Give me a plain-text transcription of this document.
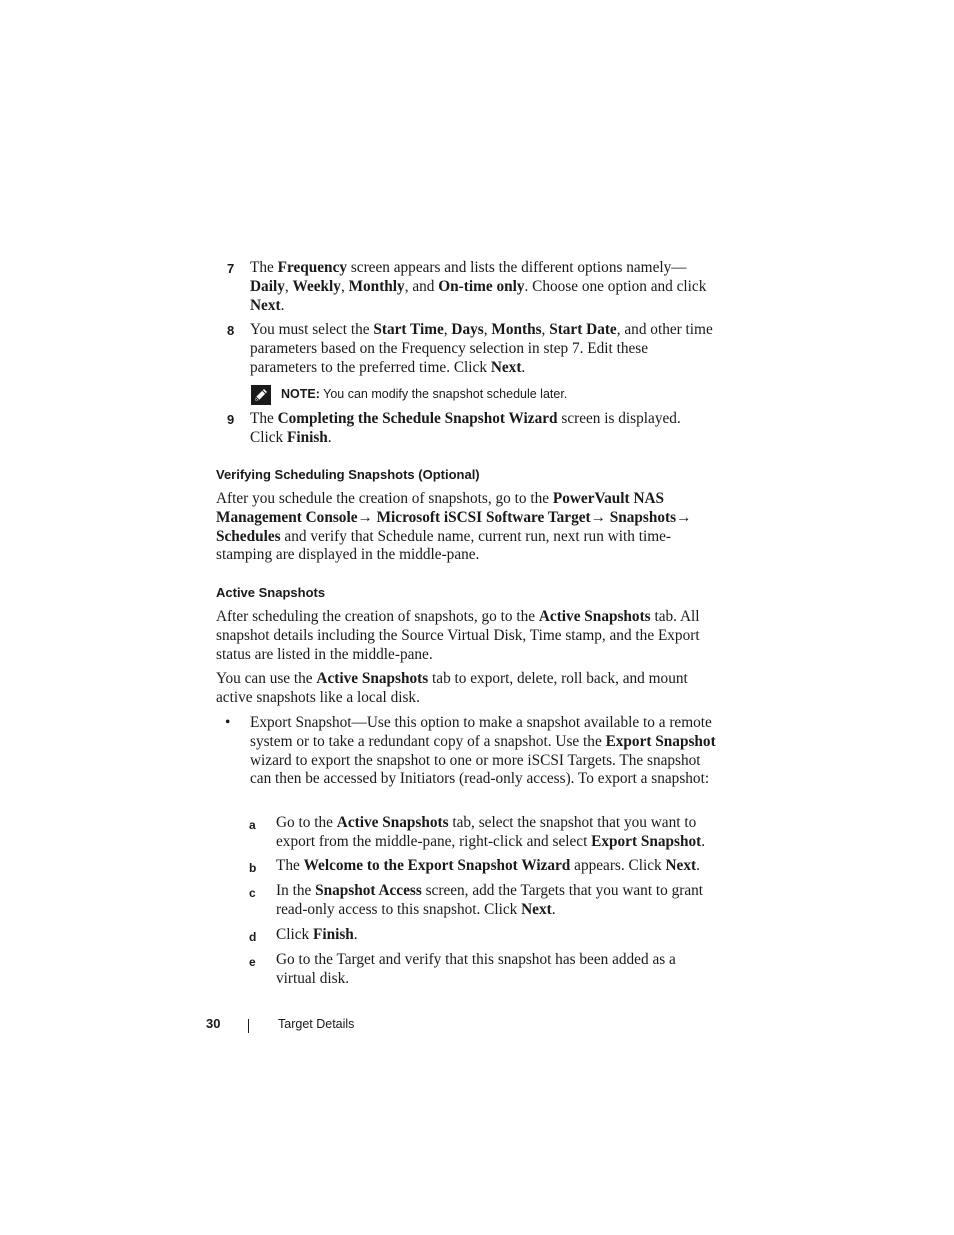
7 The Frequency screen appears and lists the different options namely—Daily, Weekly, Monthly, and On-time only. Choose one option and click Next.
8 You must select the Start Time, Days, Months, Start Date, and other time parameters based on the Frequency selection in step 7. Edit these parameters to the preferred time. Click Next.
NOTE: You can modify the snapshot schedule later.
9 The Completing the Schedule Snapshot Wizard screen is displayed. Click Finish.
Verifying Scheduling Snapshots (Optional)
After you schedule the creation of snapshots, go to the PowerVault NAS Management Console→ Microsoft iSCSI Software Target→ Snapshots→ Schedules and verify that Schedule name, current run, next run with time-stamping are displayed in the middle-pane.
Active Snapshots
After scheduling the creation of snapshots, go to the Active Snapshots tab. All snapshot details including the Source Virtual Disk, Time stamp, and the Export status are listed in the middle-pane.
You can use the Active Snapshots tab to export, delete, roll back, and mount active snapshots like a local disk.
• Export Snapshot—Use this option to make a snapshot available to a remote system or to take a redundant copy of a snapshot. Use the Export Snapshot wizard to export the snapshot to one or more iSCSI Targets. The snapshot can then be accessed by Initiators (read-only access). To export a snapshot:
a Go to the Active Snapshots tab, select the snapshot that you want to export from the middle-pane, right-click and select Export Snapshot.
b The Welcome to the Export Snapshot Wizard appears. Click Next.
c In the Snapshot Access screen, add the Targets that you want to grant read-only access to this snapshot. Click Next.
d Click Finish.
e Go to the Target and verify that this snapshot has been added as a virtual disk.
30	Target Details
